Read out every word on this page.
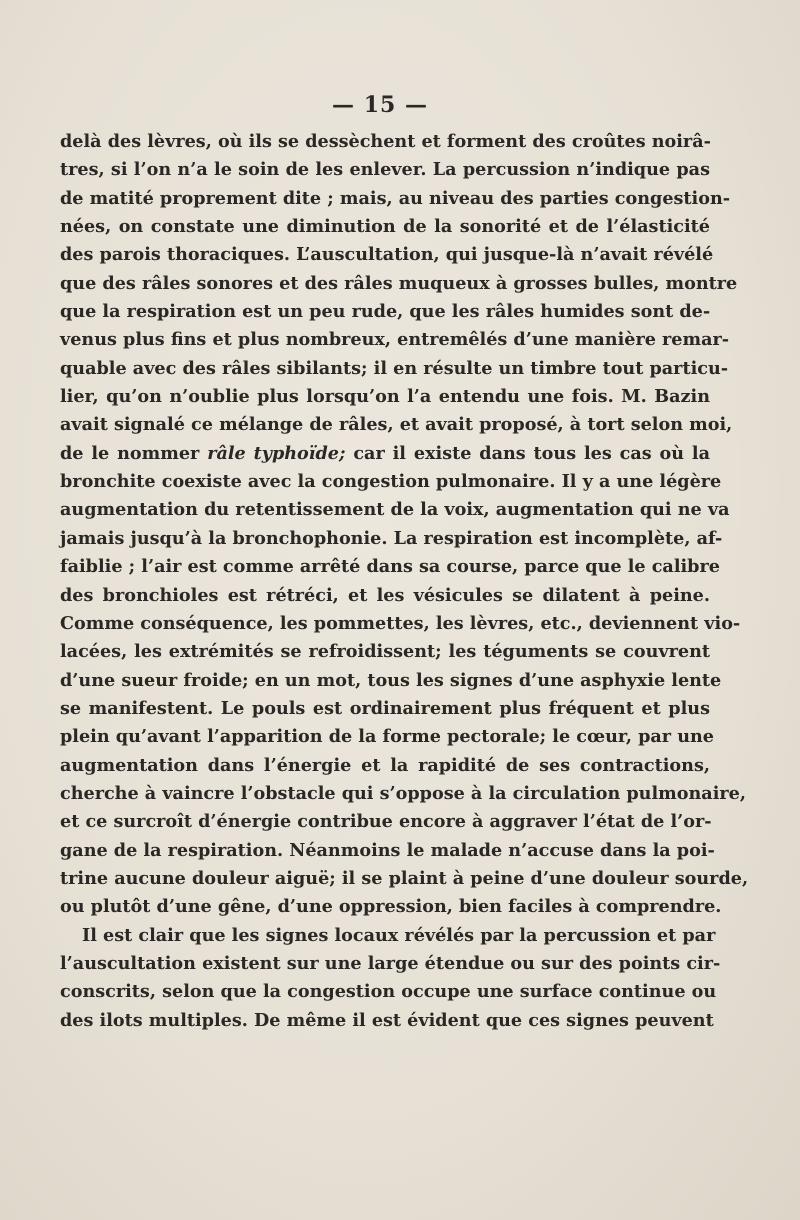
— 15 —
delà des lèvres, où ils se dessèchent et forment des croûtes noirâ-
tres, si l’on n’a le soin de les enlever. La percussion n’indique pas
de matité proprement dite ; mais, au niveau des parties congestion-
nées, on constate une diminution de la sonorité et de l’élasticité
des parois thoraciques. L’auscultation, qui jusque-là n’avait révélé
que des râles sonores et des râles muqueux à grosses bulles, montre
que la respiration est un peu rude, que les râles humides sont de-
venus plus fins et plus nombreux, entremêlés d’une manière remar-
quable avec des râles sibilants; il en résulte un timbre tout particu-
lier, qu’on n’oublie plus lorsqu’on l’a entendu une fois. M. Bazin
avait signalé ce mélange de râles, et avait proposé, à tort selon moi,
de le nommer râle typhoïde; car il existe dans tous les cas où la
bronchite coexiste avec la congestion pulmonaire. Il y a une légère
augmentation du retentissement de la voix, augmentation qui ne va
jamais jusqu’à la bronchophonie. La respiration est incomplète, af-
faiblie ; l’air est comme arrêté dans sa course, parce que le calibre
des bronchioles est rétréci, et les vésicules se dilatent à peine.
Comme conséquence, les pommettes, les lèvres, etc., deviennent vio-
lacées, les extrémités se refroidissent; les téguments se couvrent
d’une sueur froide; en un mot, tous les signes d’une asphyxie lente
se manifestent. Le pouls est ordinairement plus fréquent et plus
plein qu’avant l’apparition de la forme pectorale; le cœur, par une
augmentation dans l’énergie et la rapidité de ses contractions,
cherche à vaincre l’obstacle qui s’oppose à la circulation pulmonaire,
et ce surcroît d’énergie contribue encore à aggraver l’état de l’or-
gane de la respiration. Néanmoins le malade n’accuse dans la poi-
trine aucune douleur aiguë; il se plaint à peine d’une douleur sourde,
ou plutôt d’une gêne, d’une oppression, bien faciles à comprendre.
Il est clair que les signes locaux révélés par la percussion et par
l’auscultation existent sur une large étendue ou sur des points cir-
conscrits, selon que la congestion occupe une surface continue ou
des ilots multiples. De même il est évident que ces signes peuvent
